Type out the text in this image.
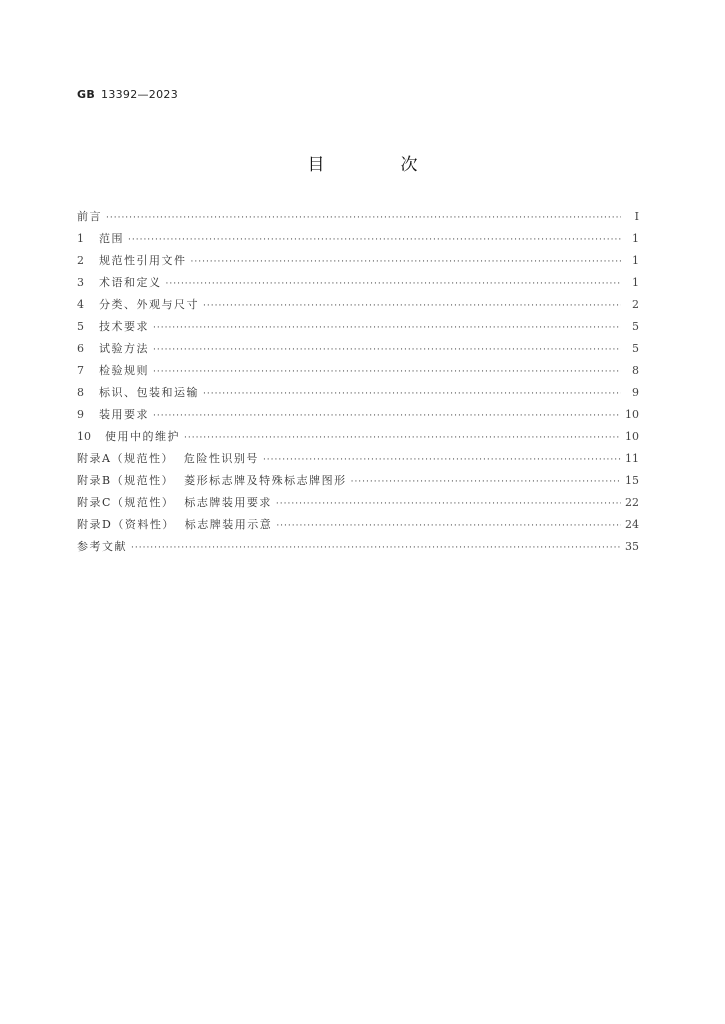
GB 13392—2023
目 次
前言 ·····	Ⅰ
1 范围 ·····	1
2 规范性引用文件 ·····	1
3 术语和定义 ·····	1
4 分类、外观与尺寸 ·····	2
5 技术要求 ·····	5
6 试验方法 ·····	5
7 检验规则 ·····	8
8 标识、包装和运输 ·····	9
9 装用要求 ·····	10
10 使用中的维护 ·····	10
附录A（规范性）  危险性识别号 ·····	11
附录B（规范性）  菱形标志牌及特殊标志牌图形 ·····	15
附录C（规范性）  标志牌装用要求 ·····	22
附录D（资料性）  标志牌装用示意 ·····	24
参考文献 ·····	35
